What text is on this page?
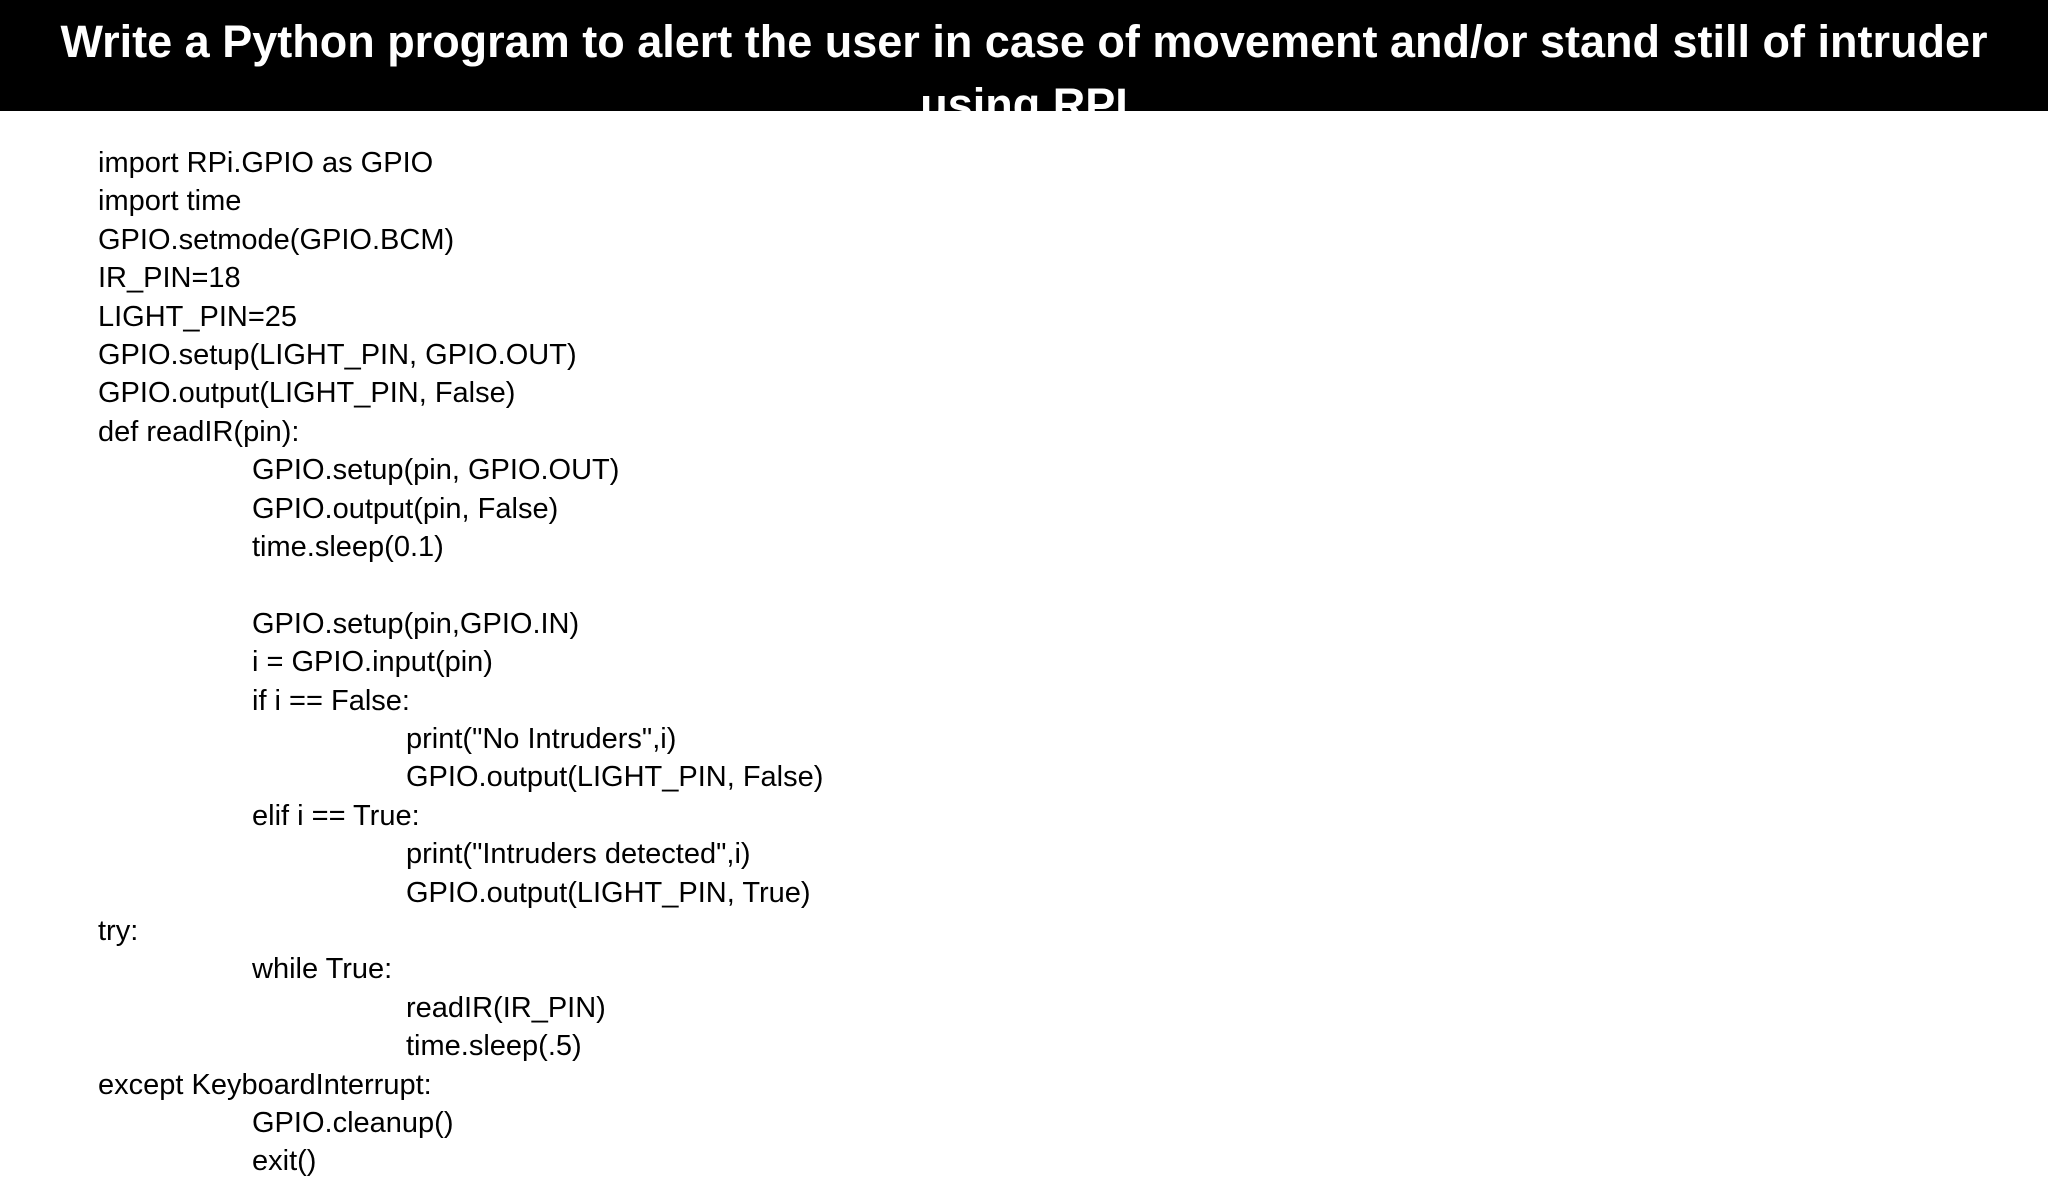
Write a Python program to alert the user in case of movement and/or stand still of intruder using RPI
import RPi.GPIO as GPIO
import time
GPIO.setmode(GPIO.BCM)
IR_PIN=18
LIGHT_PIN=25
GPIO.setup(LIGHT_PIN, GPIO.OUT)
GPIO.output(LIGHT_PIN, False)
def readIR(pin):
GPIO.setup(pin, GPIO.OUT)
GPIO.output(pin, False)
time.sleep(0.1)
GPIO.setup(pin,GPIO.IN)
i = GPIO.input(pin)
if i == False:
print("No Intruders",i)
GPIO.output(LIGHT_PIN, False)
elif i == True:
print("Intruders detected",i)
GPIO.output(LIGHT_PIN, True)
try:
while True:
readIR(IR_PIN)
time.sleep(.5)
except KeyboardInterrupt:
GPIO.cleanup()
exit()
